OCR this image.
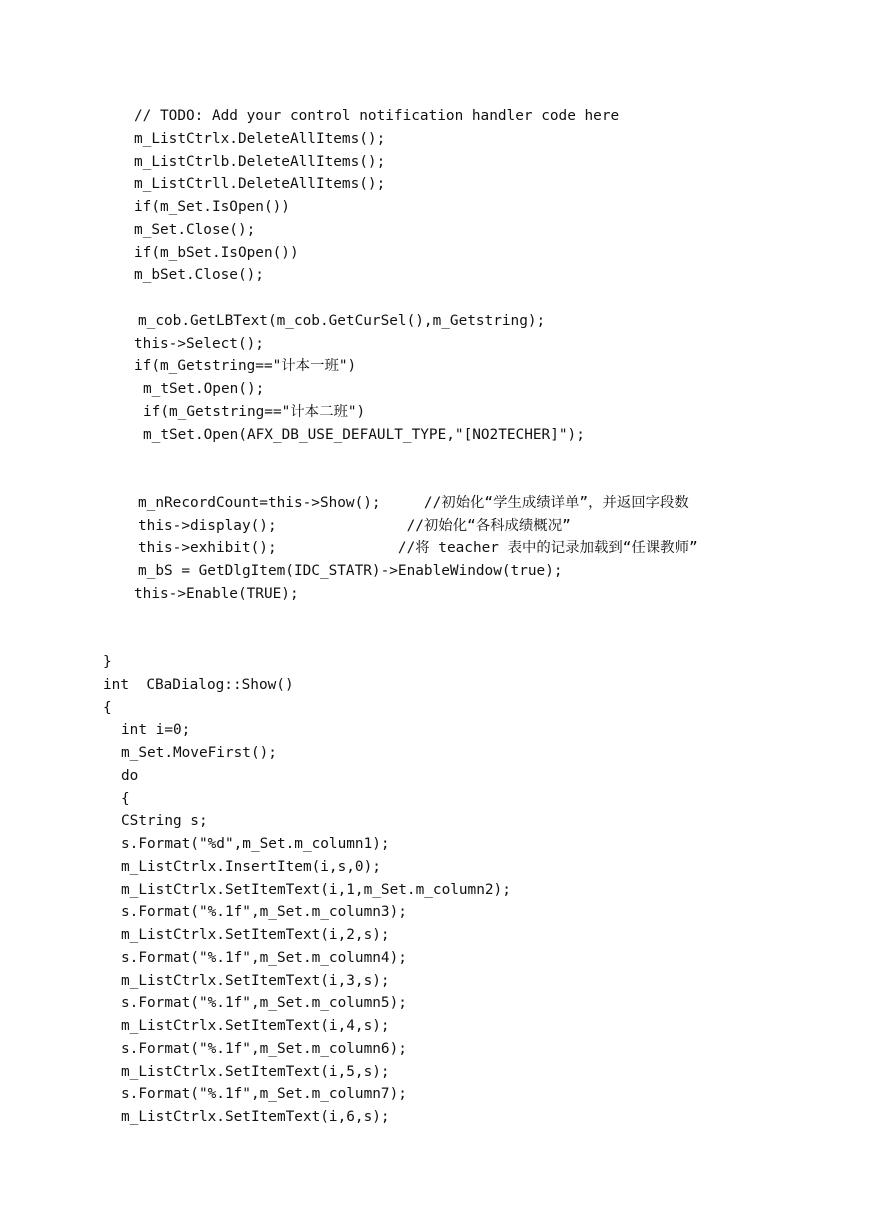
// TODO: Add your control notification handler code here
m_ListCtrlx.DeleteAllItems();
m_ListCtrlb.DeleteAllItems();
m_ListCtrll.DeleteAllItems();
if(m_Set.IsOpen())
m_Set.Close();
if(m_bSet.IsOpen())
m_bSet.Close();
m_cob.GetLBText(m_cob.GetCurSel(),m_Getstring);
this->Select();
if(m_Getstring=="计本一班")
m_tSet.Open();
if(m_Getstring=="计本二班")
m_tSet.Open(AFX_DB_USE_DEFAULT_TYPE,"[NO2TECHER]");
m_nRecordCount=this->Show();     //初始化“学生成绩详单”，并返回字段数
this->display();               //初始化“各科成绩概况”
this->exhibit();              //将 teacher 表中的记录加载到“任课教师”
m_bS = GetDlgItem(IDC_STATR)->EnableWindow(true);
this->Enable(TRUE);
}
int  CBaDialog::Show()
{
int i=0;
m_Set.MoveFirst();
do
{
CString s;
s.Format("%d",m_Set.m_column1);
m_ListCtrlx.InsertItem(i,s,0);
m_ListCtrlx.SetItemText(i,1,m_Set.m_column2);
s.Format("%.1f",m_Set.m_column3);
m_ListCtrlx.SetItemText(i,2,s);
s.Format("%.1f",m_Set.m_column4);
m_ListCtrlx.SetItemText(i,3,s);
s.Format("%.1f",m_Set.m_column5);
m_ListCtrlx.SetItemText(i,4,s);
s.Format("%.1f",m_Set.m_column6);
m_ListCtrlx.SetItemText(i,5,s);
s.Format("%.1f",m_Set.m_column7);
m_ListCtrlx.SetItemText(i,6,s);
